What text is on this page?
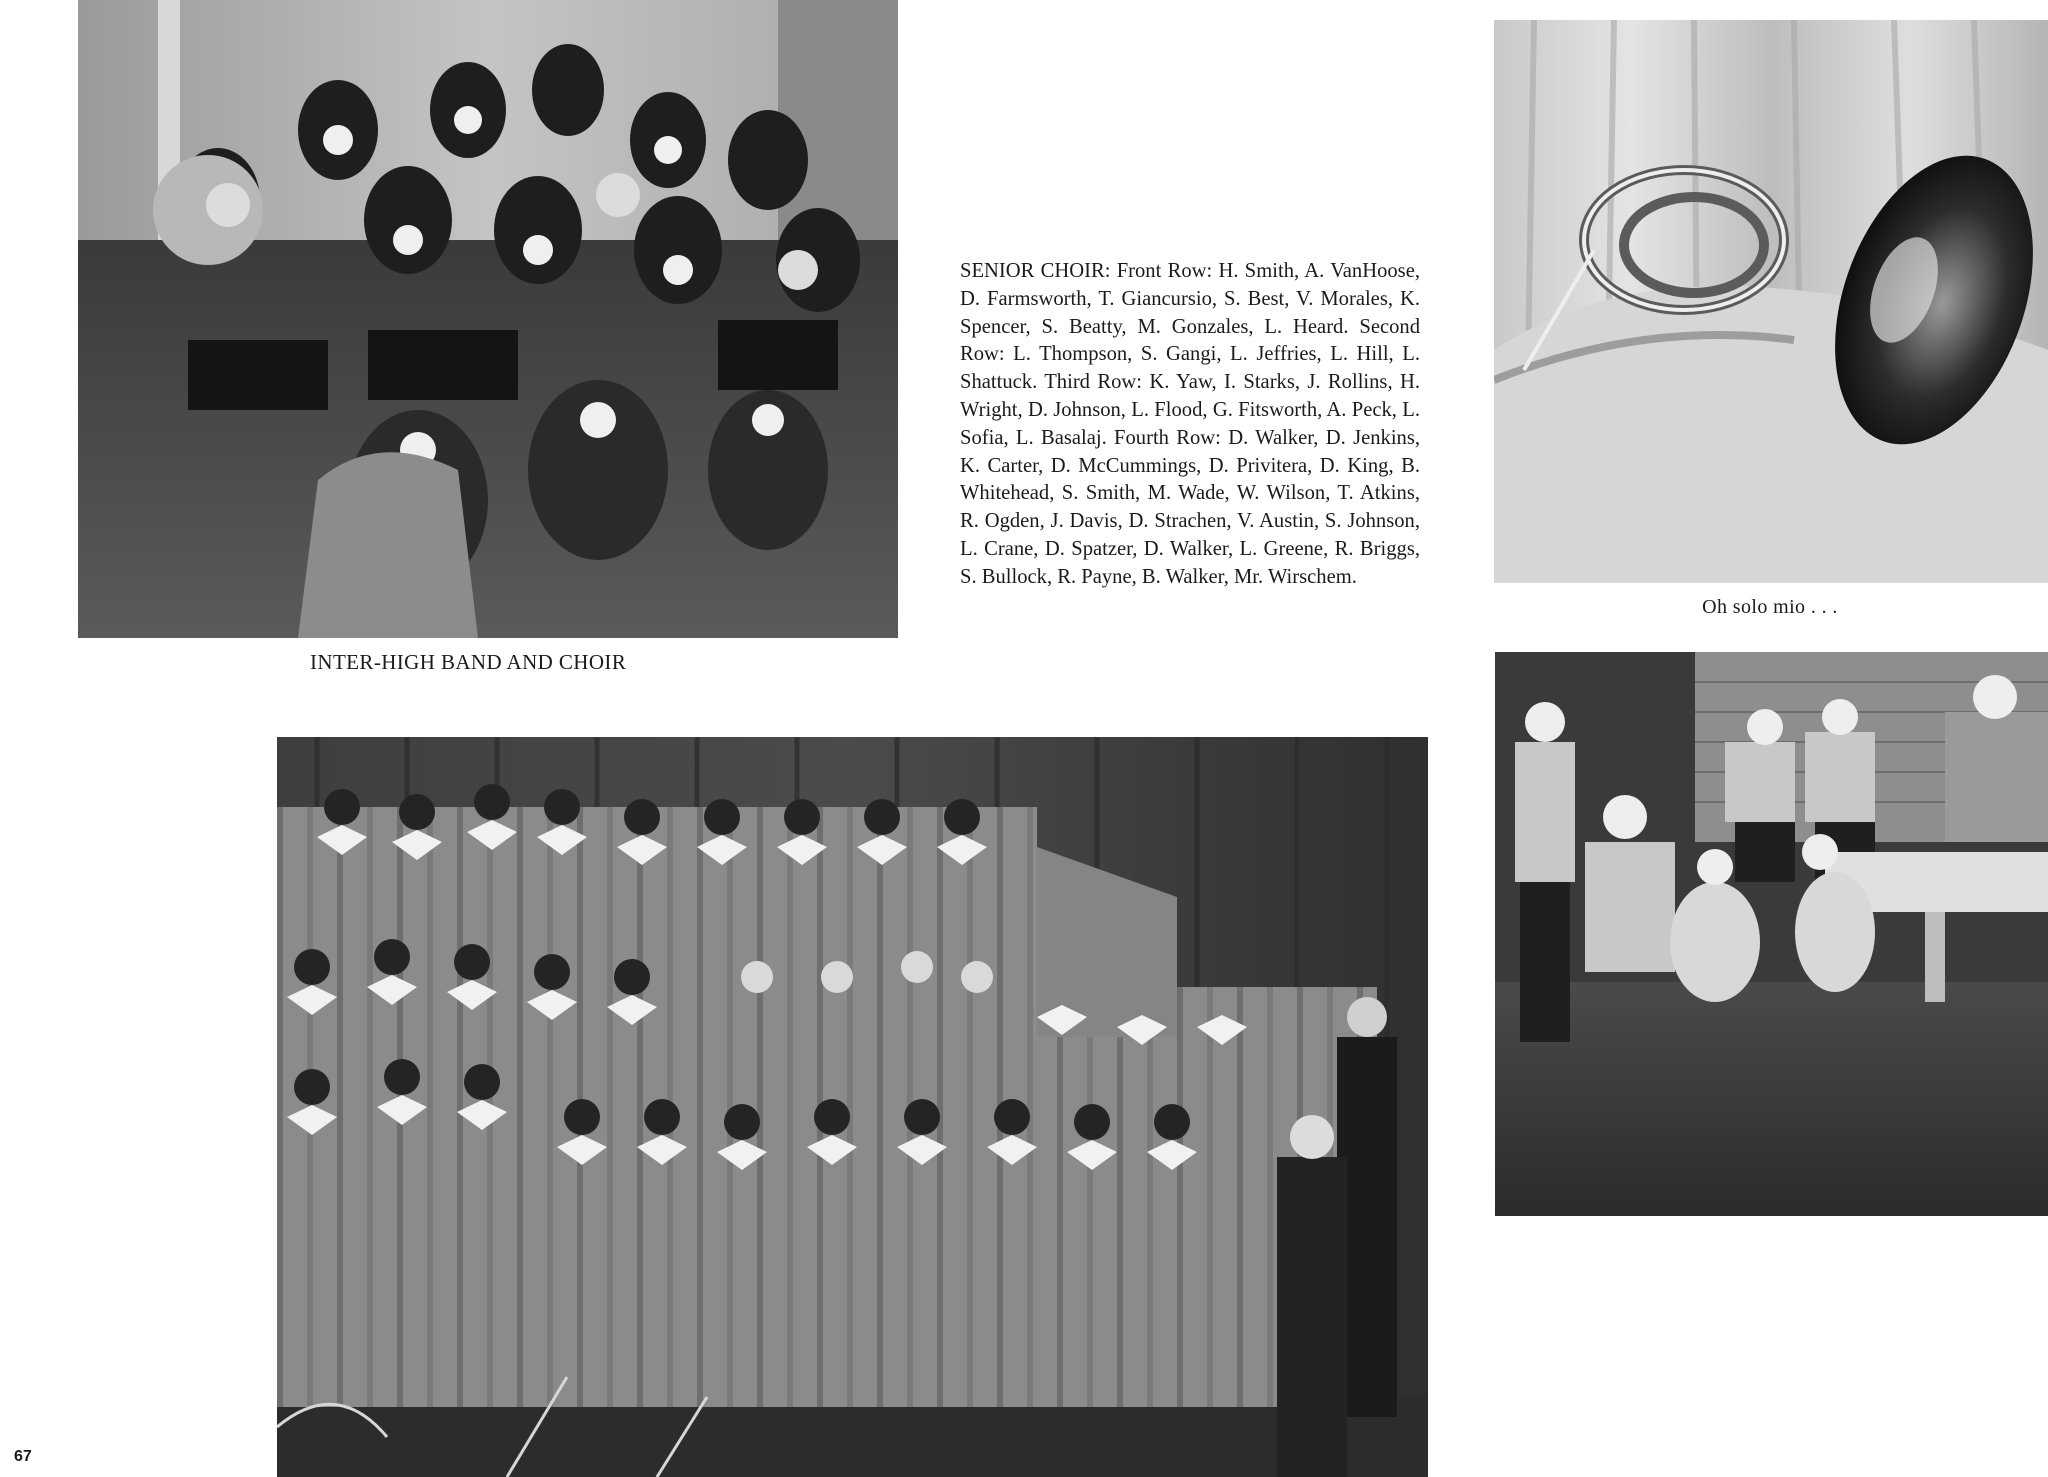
INTER-HIGH BAND AND CHOIR
SENIOR CHOIR: Front Row: H. Smith, A. VanHoose, D. Farmsworth, T. Giancursio, S. Best, V. Morales, K. Spencer, S. Beatty, M. Gonzales, L. Heard. Second Row: L. Thompson, S. Gangi, L. Jeffries, L. Hill, L. Shattuck. Third Row: K. Yaw, I. Starks, J. Rollins, H. Wright, D. Johnson, L. Flood, G. Fitsworth, A. Peck, L. Sofia, L. Basalaj. Fourth Row: D. Walker, D. Jenkins, K. Carter, D. McCummings, D. Privitera, D. King, B. Whitehead, S. Smith, M. Wade, W. Wilson, T. Atkins, R. Ogden, J. Davis, D. Strachen, V. Austin, S. Johnson, L. Crane, D. Spatzer, D. Walker, L. Greene, R. Briggs, S. Bullock, R. Payne, B. Walker, Mr. Wirschem.
Oh solo mio . . .
67
